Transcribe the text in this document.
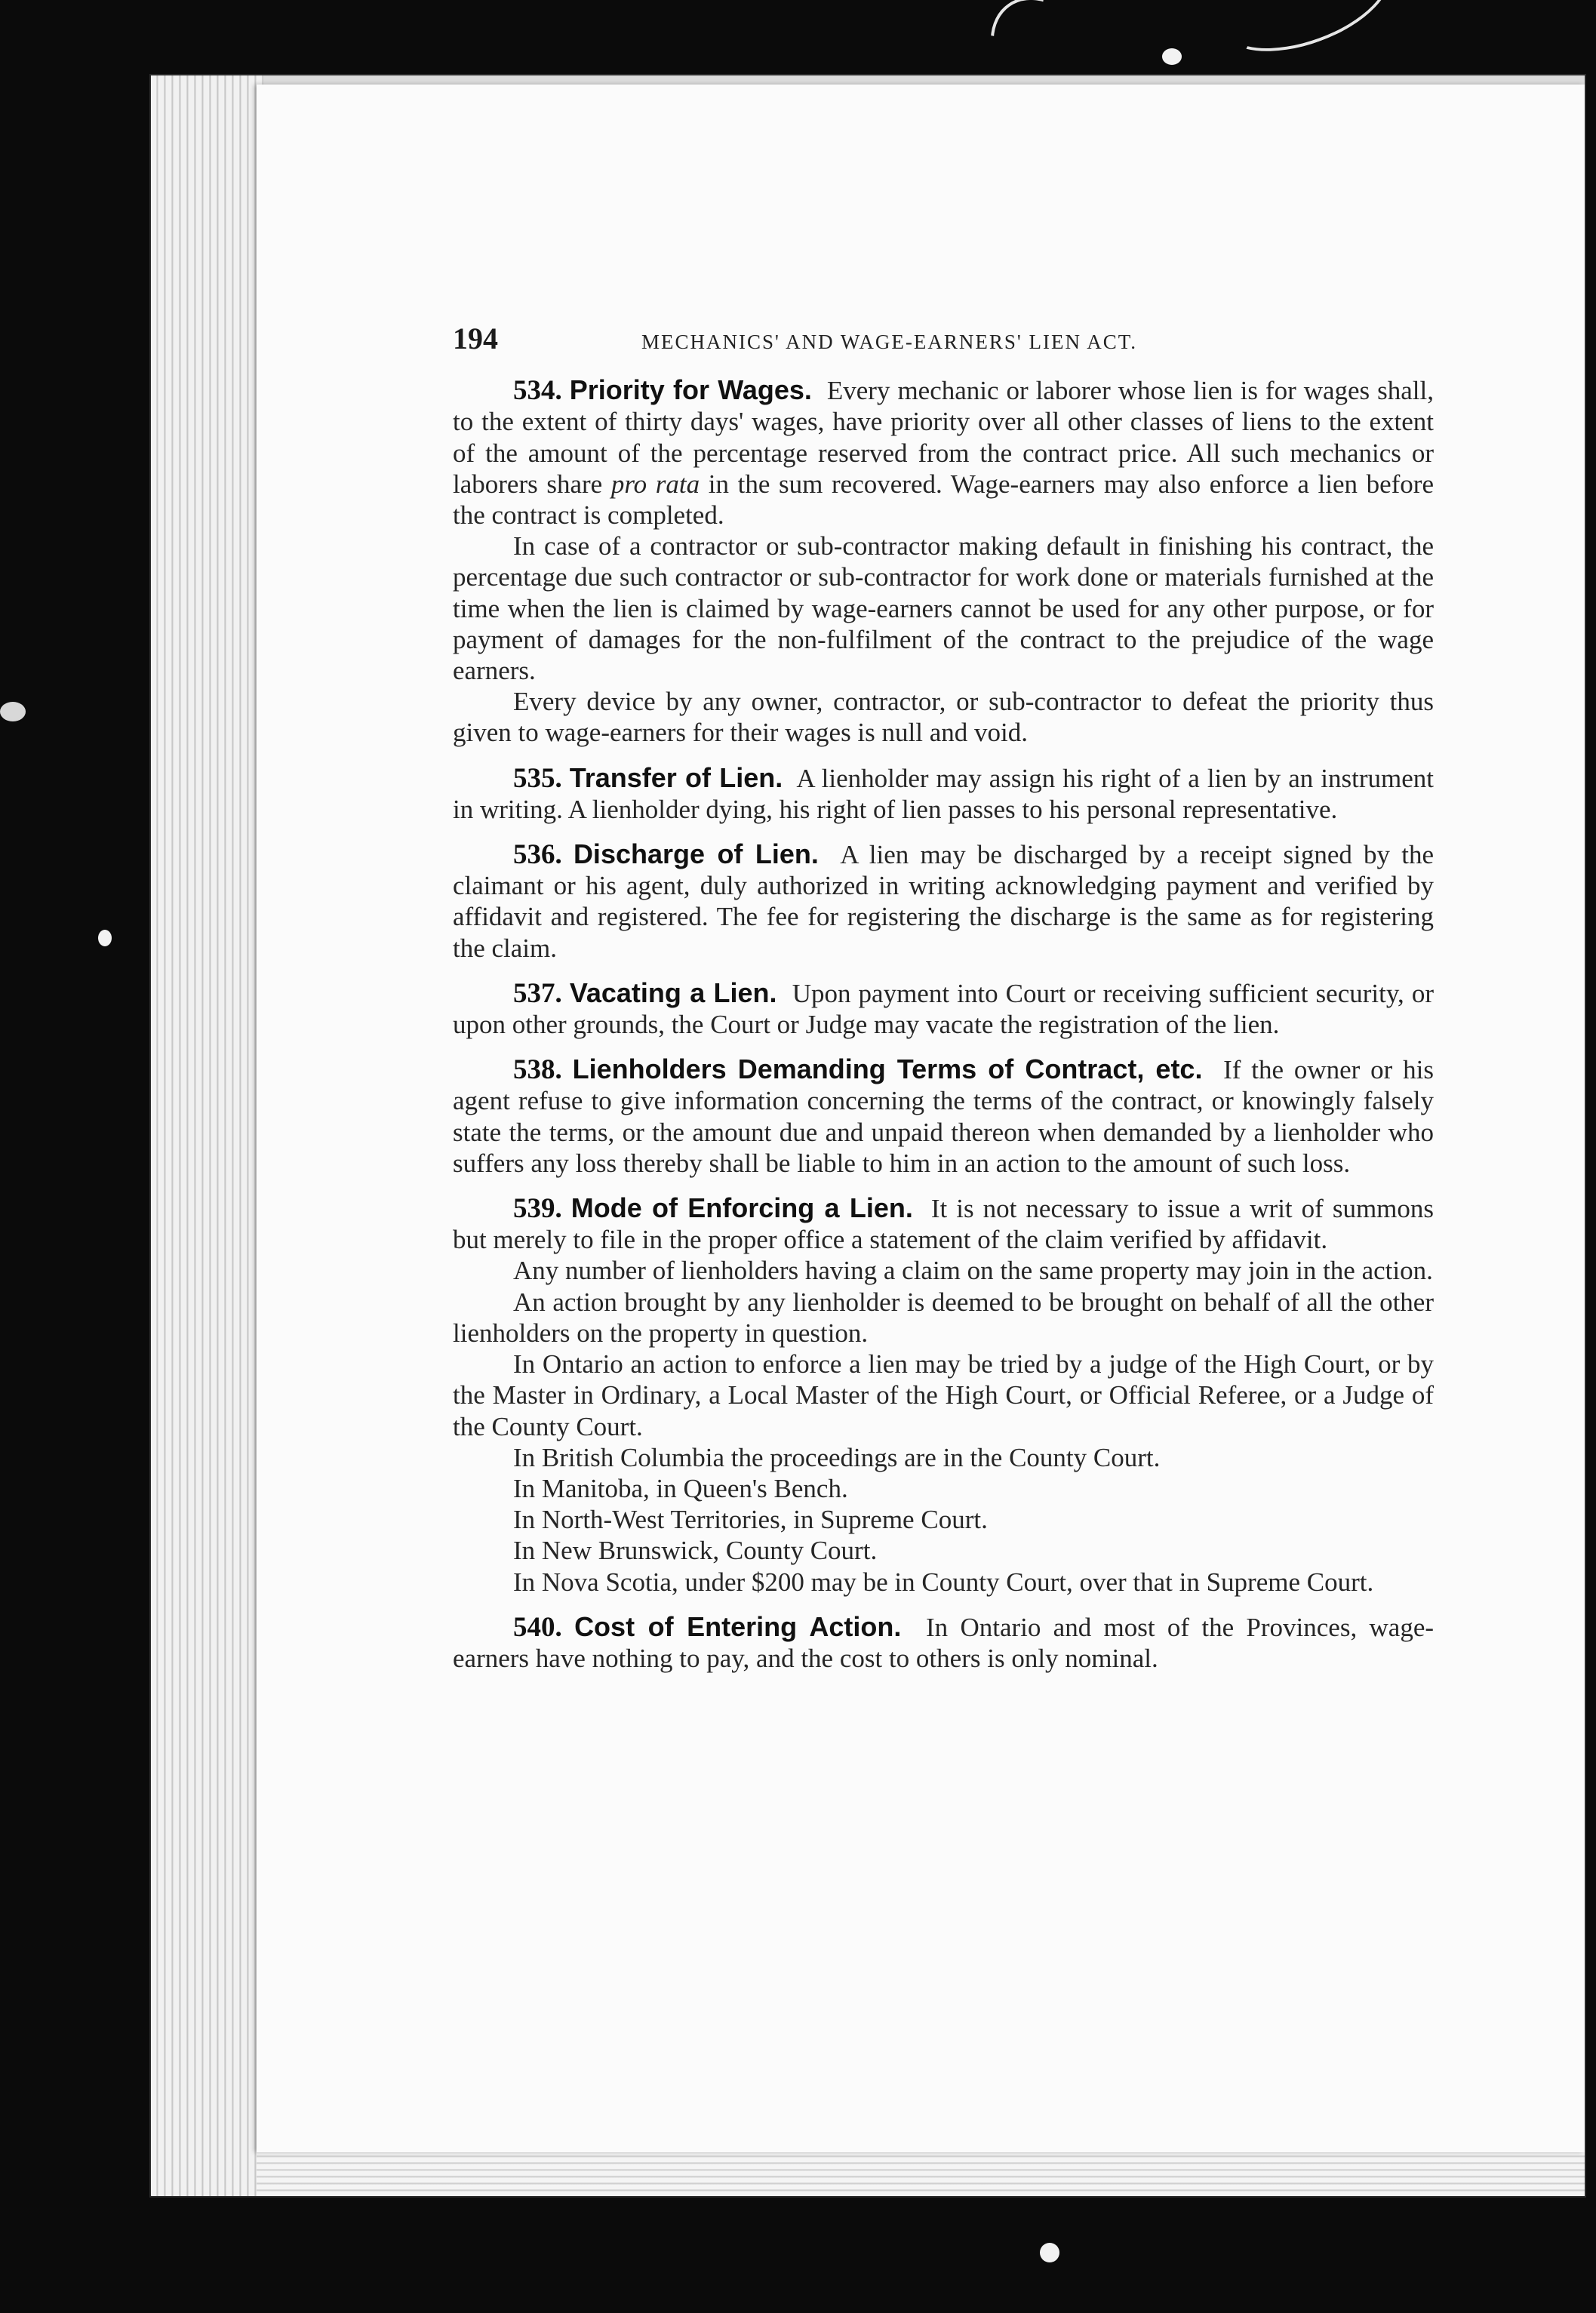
194	MECHANICS' AND WAGE-EARNERS' LIEN ACT.

534. Priority for Wages. Every mechanic or laborer whose lien is for wages shall, to the extent of thirty days' wages, have priority over all other classes of liens to the extent of the amount of the percentage reserved from the contract price. All such mechanics or laborers share pro rata in the sum recovered. Wage-earners may also enforce a lien before the contract is completed.

In case of a contractor or sub-contractor making default in finishing his contract, the percentage due such contractor or sub-contractor for work done or materials furnished at the time when the lien is claimed by wage-earners cannot be used for any other purpose, or for payment of damages for the non-fulfilment of the contract to the prejudice of the wage earners.

Every device by any owner, contractor, or sub-contractor to defeat the priority thus given to wage-earners for their wages is null and void.

535. Transfer of Lien. A lienholder may assign his right of a lien by an instrument in writing. A lienholder dying, his right of lien passes to his personal representative.

536. Discharge of Lien. A lien may be discharged by a receipt signed by the claimant or his agent, duly authorized in writing acknowledging payment and verified by affidavit and registered. The fee for registering the discharge is the same as for registering the claim.

537. Vacating a Lien. Upon payment into Court or receiving sufficient security, or upon other grounds, the Court or Judge may vacate the registration of the lien.

538. Lienholders Demanding Terms of Contract, etc. If the owner or his agent refuse to give information concerning the terms of the contract, or knowingly falsely state the terms, or the amount due and unpaid thereon when demanded by a lienholder who suffers any loss thereby shall be liable to him in an action to the amount of such loss.

539. Mode of Enforcing a Lien. It is not necessary to issue a writ of summons but merely to file in the proper office a statement of the claim verified by affidavit.

Any number of lienholders having a claim on the same property may join in the action.

An action brought by any lienholder is deemed to be brought on behalf of all the other lienholders on the property in question.

In Ontario an action to enforce a lien may be tried by a judge of the High Court, or by the Master in Ordinary, a Local Master of the High Court, or Official Referee, or a Judge of the County Court.

In British Columbia the proceedings are in the County Court.

In Manitoba, in Queen's Bench.

In North-West Territories, in Supreme Court.

In New Brunswick, County Court.

In Nova Scotia, under $200 may be in County Court, over that in Supreme Court.

540. Cost of Entering Action. In Ontario and most of the Provinces, wage-earners have nothing to pay, and the cost to others is only nominal.
